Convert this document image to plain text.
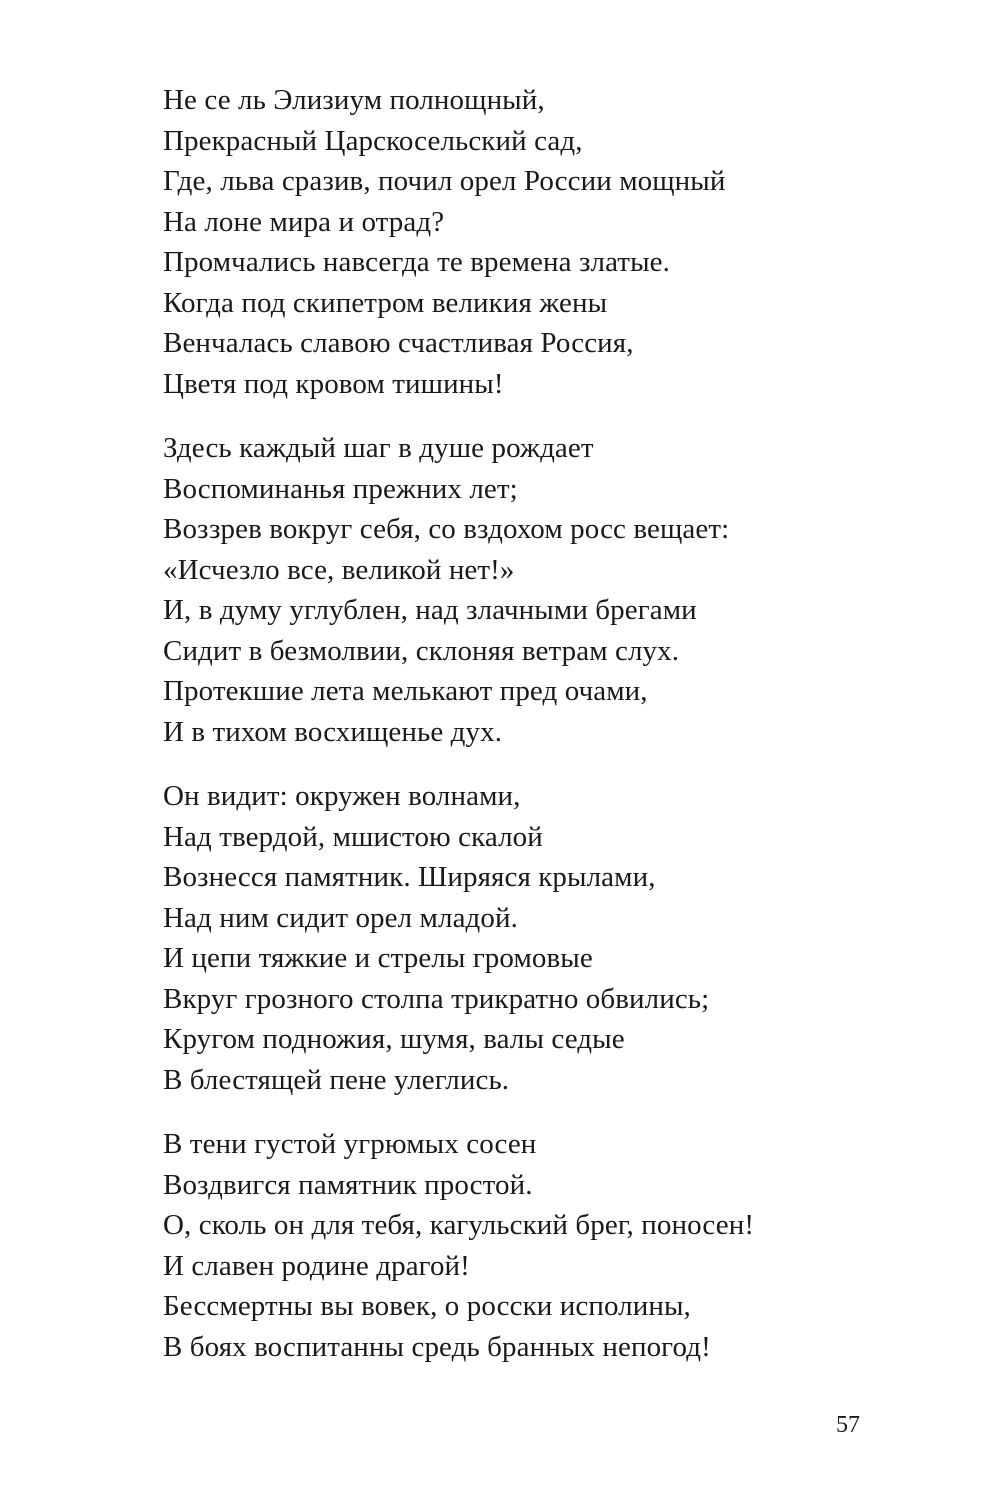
Не се ль Элизиум полнощный,
Прекрасный Царскосельский сад,
Где, льва сразив, почил орел России мощный
На лоне мира и отрад?
Промчались навсегда те времена златые.
Когда под скипетром великия жены
Венчалась славою счастливая Россия,
Цветя под кровом тишины!
Здесь каждый шаг в душе рождает
Воспоминанья прежних лет;
Воззрев вокруг себя, со вздохом росс вещает:
«Исчезло все, великой нет!»
И, в думу углублен, над злачными брегами
Сидит в безмолвии, склоняя ветрам слух.
Протекшие лета мелькают пред очами,
И в тихом восхищенье дух.
Он видит: окружен волнами,
Над твердой, мшистою скалой
Вознесся памятник. Ширяяся крылами,
Над ним сидит орел младой.
И цепи тяжкие и стрелы громовые
Вкруг грозного столпа трикратно обвились;
Кругом подножия, шумя, валы седые
В блестящей пене улеглись.
В тени густой угрюмых сосен
Воздвигся памятник простой.
О, сколь он для тебя, кагульский брег, поносен!
И славен родине драгой!
Бессмертны вы вовек, о росски исполины,
В боях воспитанны средь бранных непогод!
57
